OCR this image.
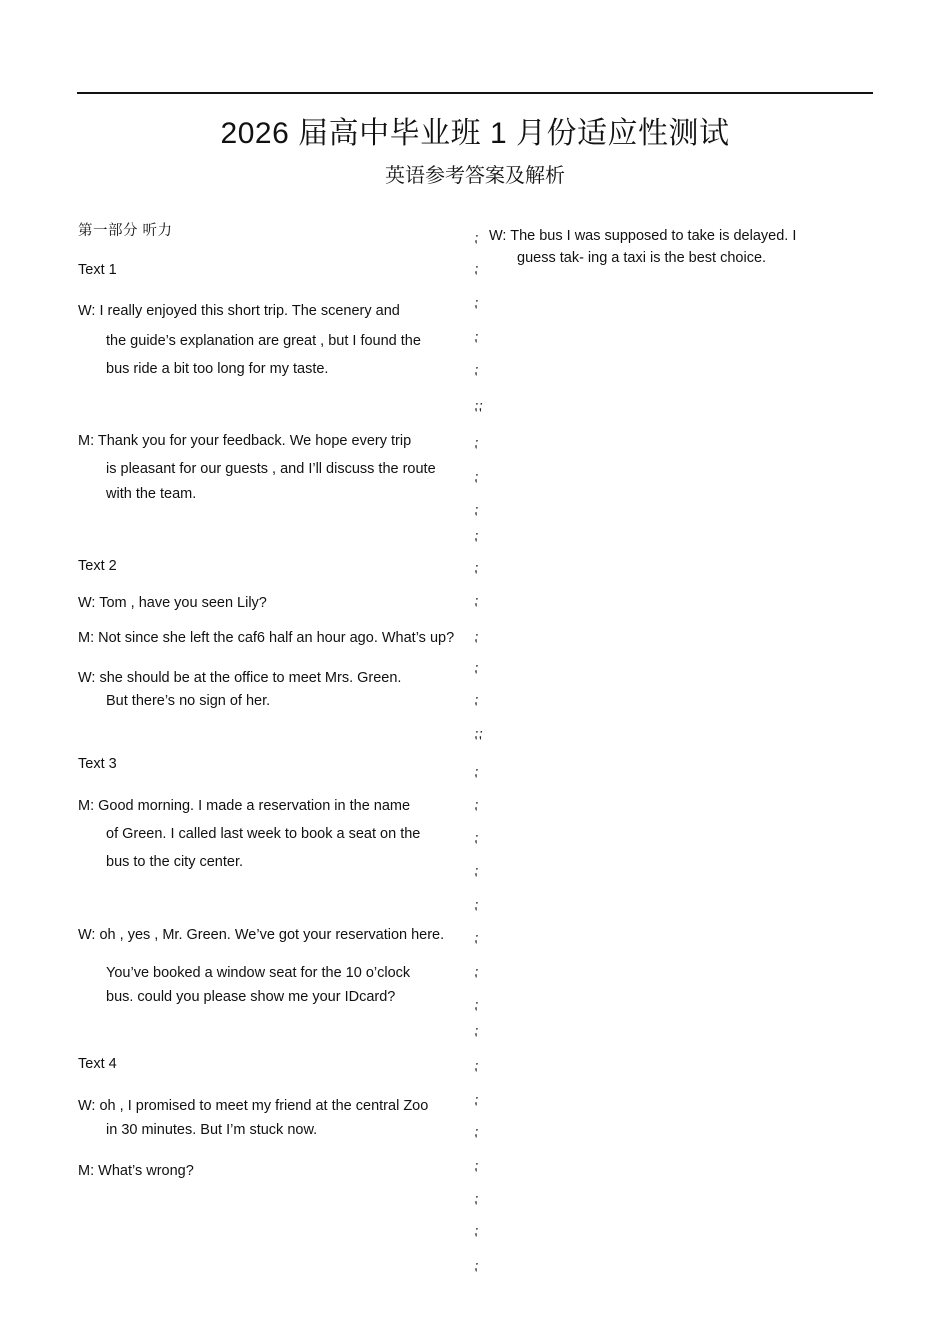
2026 届高中毕业班 1 月份适应性测试
英语参考答案及解析
第一部分 听力
Text 1
W: I really enjoyed this short trip. The scenery and
the guide’s explanation are great , but I found the
bus ride a bit too long for my taste.
M: Thank you for your feedback. We hope every trip
is pleasant for our guests , and I’ll discuss the route
with the team.
Text 2
W: Tom , have you seen Lily?
M: Not since she left the caf6 half an hour ago. What’s up?
W: she should be at the office to meet Mrs. Green.
But there’s no sign of her.
Text 3
M: Good morning. I made a reservation in the name
of Green. I called last week to book a seat on the
bus to the city center.
W: oh , yes , Mr. Green. We’ve got your reservation here.
You’ve booked a window seat for the 10 o’clock
bus. could you please show me your IDcard?
Text 4
W: oh , I promised to meet my friend at the central Zoo
in 30 minutes. But I’m stuck now.
M: What’s wrong?
⁏
⁏
⁏
⁏
⁏
⁏⁏
⁏
⁏
⁏
⁏
⁏
⁏
⁏
⁏
⁏
⁏⁏
⁏
⁏
⁏
⁏
⁏
⁏
⁏
⁏
⁏
⁏
⁏
⁏
⁏
⁏
⁏
⁏
W: The bus I was supposed to take is delayed. I
guess tak- ing a taxi is the best choice.
